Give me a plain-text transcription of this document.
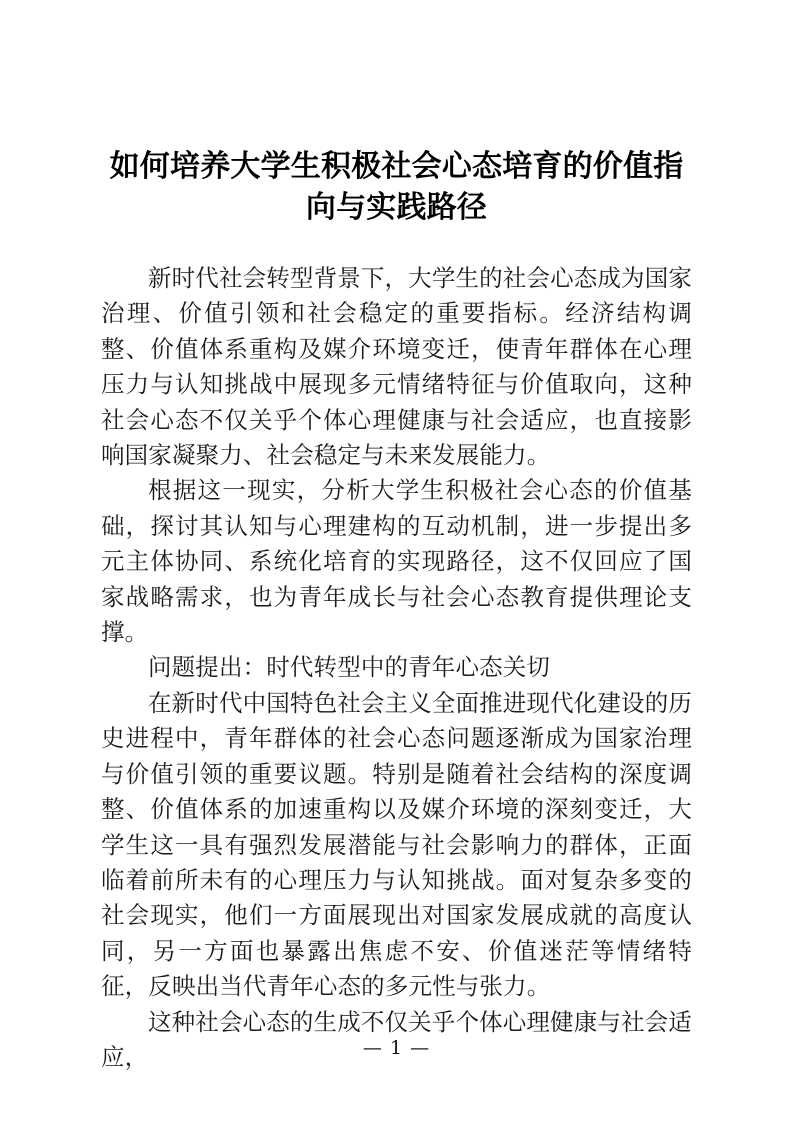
如何培养大学生积极社会心态培育的价值指向与实践路径

新时代社会转型背景下，大学生的社会心态成为国家治理、价值引领和社会稳定的重要指标。经济结构调整、价值体系重构及媒介环境变迁，使青年群体在心理压力与认知挑战中展现多元情绪特征与价值取向，这种社会心态不仅关乎个体心理健康与社会适应，也直接影响国家凝聚力、社会稳定与未来发展能力。

根据这一现实，分析大学生积极社会心态的价值基础，探讨其认知与心理建构的互动机制，进一步提出多元主体协同、系统化培育的实现路径，这不仅回应了国家战略需求，也为青年成长与社会心态教育提供理论支撑。

问题提出：时代转型中的青年心态关切

在新时代中国特色社会主义全面推进现代化建设的历史进程中，青年群体的社会心态问题逐渐成为国家治理与价值引领的重要议题。特别是随着社会结构的深度调整、价值体系的加速重构以及媒介环境的深刻变迁，大学生这一具有强烈发展潜能与社会影响力的群体，正面临着前所未有的心理压力与认知挑战。面对复杂多变的社会现实，他们一方面展现出对国家发展成就的高度认同，另一方面也暴露出焦虑不安、价值迷茫等情绪特征，反映出当代青年心态的多元性与张力。

这种社会心态的生成不仅关乎个体心理健康与社会适应，	— 1 —
